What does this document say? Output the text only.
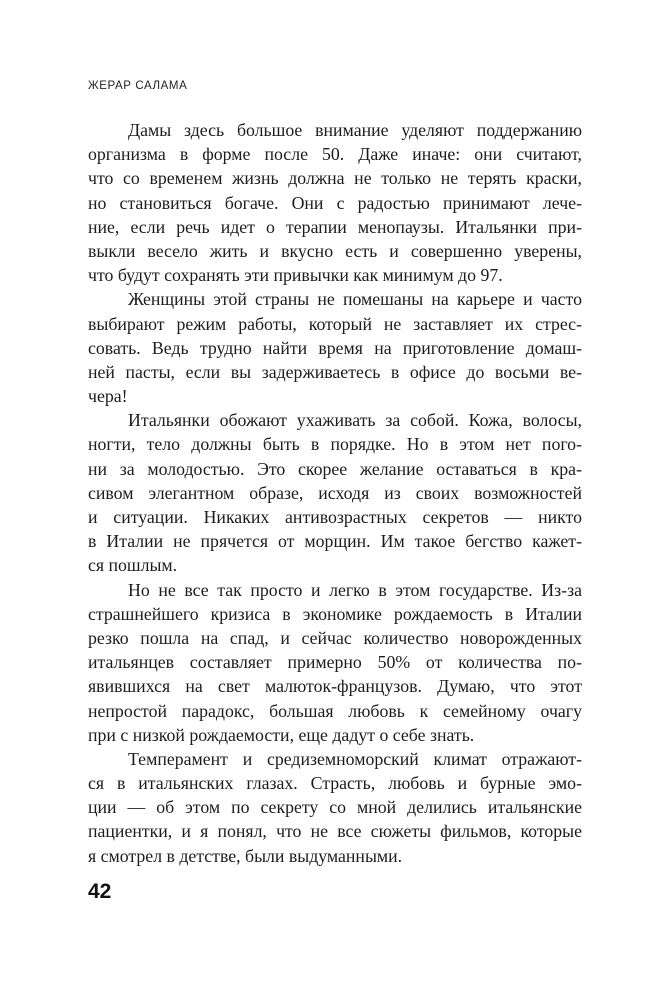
ЖЕРАР САЛАМА
Дамы здесь большое внимание уделяют поддержанию
организма в форме после 50. Даже иначе: они считают,
что со временем жизнь должна не только не терять краски,
но становиться богаче. Они с радостью принимают лече-
ние, если речь идет о терапии менопаузы. Итальянки при-
выкли весело жить и вкусно есть и совершенно уверены,
что будут сохранять эти привычки как минимум до 97.
Женщины этой страны не помешаны на карьере и часто
выбирают режим работы, который не заставляет их стрес-
совать. Ведь трудно найти время на приготовление домаш-
ней пасты, если вы задерживаетесь в офисе до восьми ве-
чера!
Итальянки обожают ухаживать за собой. Кожа, волосы,
ногти, тело должны быть в порядке. Но в этом нет пого-
ни за молодостью. Это скорее желание оставаться в кра-
сивом элегантном образе, исходя из своих возможностей
и ситуации. Никаких антивозрастных секретов — никто
в Италии не прячется от морщин. Им такое бегство кажет-
ся пошлым.
Но не все так просто и легко в этом государстве. Из-за
страшнейшего кризиса в экономике рождаемость в Италии
резко пошла на спад, и сейчас количество новорожденных
итальянцев составляет примерно 50% от количества по-
явившихся на свет малюток-французов. Думаю, что этот
непростой парадокс, большая любовь к семейному очагу
при с низкой рождаемости, еще дадут о себе знать.
Темперамент и средиземноморский климат отражают-
ся в итальянских глазах. Страсть, любовь и бурные эмо-
ции — об этом по секрету со мной делились итальянские
пациентки, и я понял, что не все сюжеты фильмов, которые
я смотрел в детстве, были выдуманными.
42
